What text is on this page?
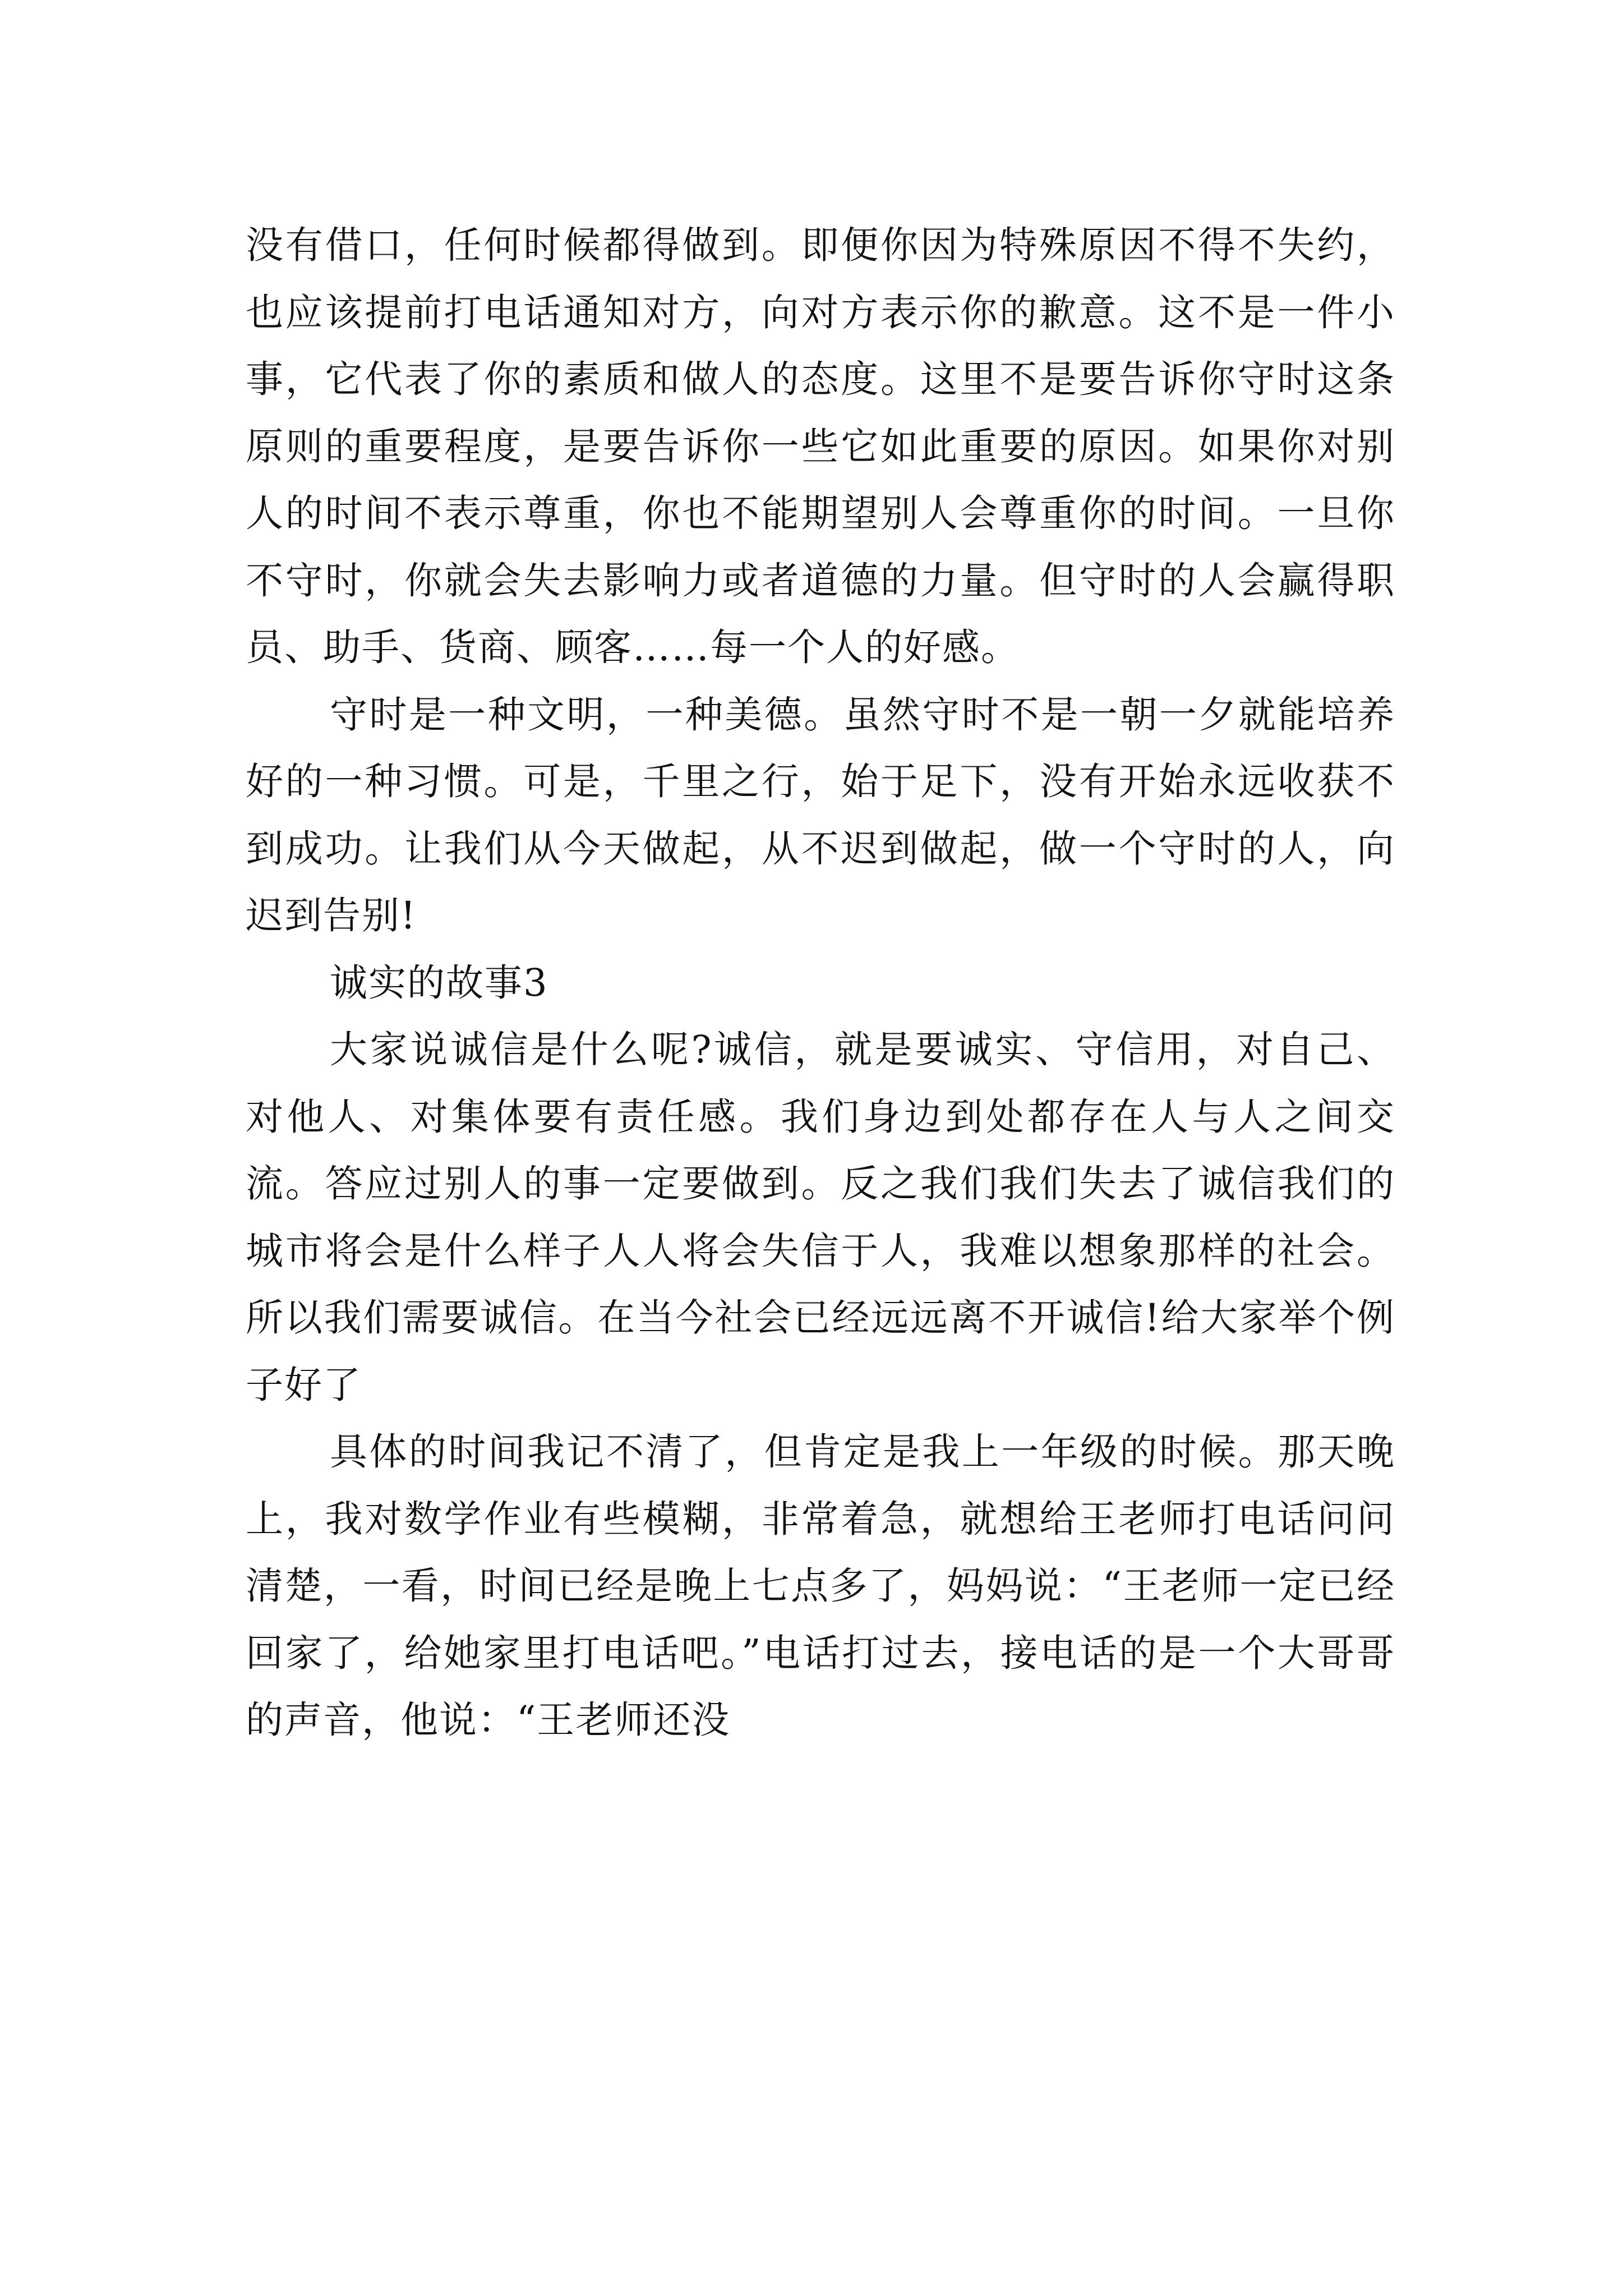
没有借口，任何时候都得做到。即便你因为特殊原因不得不失约，也应该提前打电话通知对方，向对方表示你的歉意。这不是一件小事，它代表了你的素质和做人的态度。这里不是要告诉你守时这条原则的重要程度，是要告诉你一些它如此重要的原因。如果你对别人的时间不表示尊重，你也不能期望别人会尊重你的时间。一旦你不守时，你就会失去影响力或者道德的力量。但守时的人会赢得职员、助手、货商、顾客……每一个人的好感。

守时是一种文明，一种美德。虽然守时不是一朝一夕就能培养好的一种习惯。可是，千里之行，始于足下，没有开始永远收获不到成功。让我们从今天做起，从不迟到做起，做一个守时的人，向迟到告别!

诚实的故事3

大家说诚信是什么呢?诚信，就是要诚实、守信用，对自己、对他人、对集体要有责任感。我们身边到处都存在人与人之间交流。答应过别人的事一定要做到。反之我们我们失去了诚信我们的城市将会是什么样子人人将会失信于人，我难以想象那样的社会。所以我们需要诚信。在当今社会已经远远离不开诚信!给大家举个例子好了

具体的时间我记不清了，但肯定是我上一年级的时候。那天晚上，我对数学作业有些模糊，非常着急，就想给王老师打电话问问清楚，一看，时间已经是晚上七点多了，妈妈说：“王老师一定已经回家了，给她家里打电话吧。”电话打过去，接电话的是一个大哥哥的声音，他说：“王老师还没
